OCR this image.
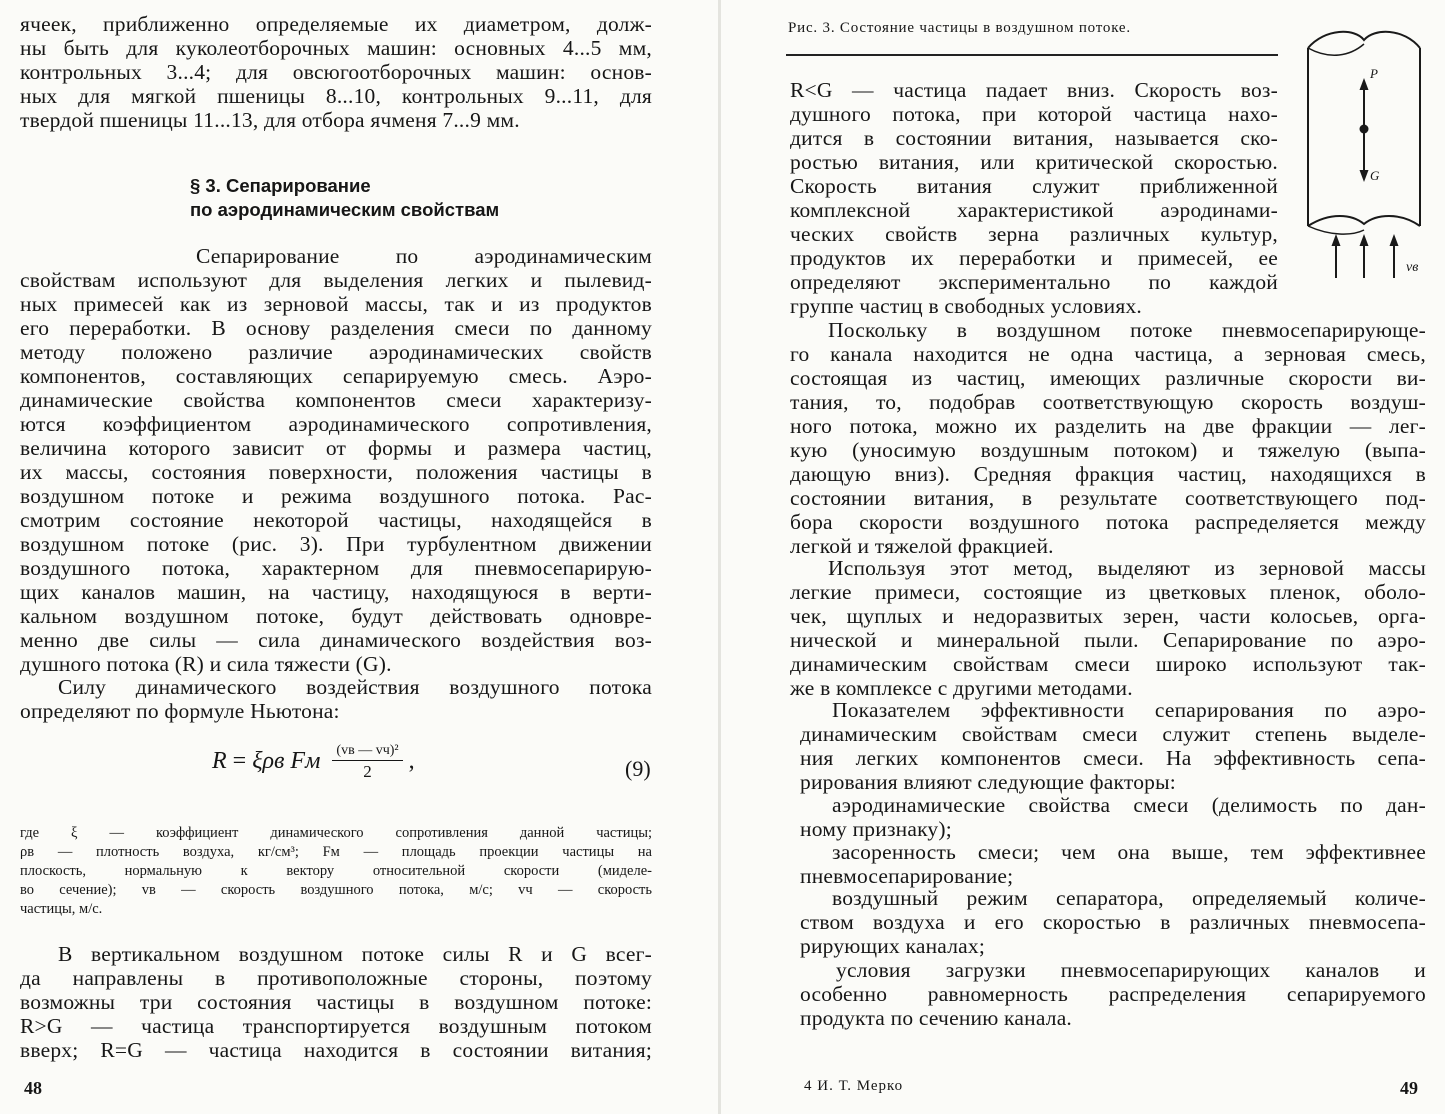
ячеек, приближенно определяемые их диаметром, долж-

ны быть для куколеотборочных машин: основных 4...5 мм,

контрольных 3...4; для овсюгоотборочных машин: основ-

ных для мягкой пшеницы 8...10, контрольных 9...11, для

твердой пшеницы 11...13, для отбора ячменя 7...9 мм.

§ 3. Сепарирование

по аэродинамическим свойствам

Сепарирование по аэродинамическим

свойствам используют для выделения легких и пылевид-

ных примесей как из зерновой массы, так и из продуктов

его переработки. В основу разделения смеси по данному

методу положено различие аэродинамических свойств

компонентов, составляющих сепарируемую смесь. Аэро-

динамические свойства компонентов смеси характеризу-

ются коэффициентом аэродинамического сопротивления,

величина которого зависит от формы и размера частиц,

их массы, состояния поверхности, положения частицы в

воздушном потоке и режима воздушного потока. Рас-

смотрим состояние некоторой частицы, находящейся в

воздушном потоке (рис. 3). При турбулентном движении

воздушного потока, характерном для пневмосепарирую-

щих каналов машин, на частицу, находящуюся в верти-

кальном воздушном потоке, будут действовать одновре-

менно две силы — сила динамического воздействия воз-

душного потока (R) и сила тяжести (G).

Силу динамического воздействия воздушного потока

определяют по формуле Ньютона:

R = ξρв Fм $\frac{\text{(vв — vч)²}}{2}$ ,	(9)

где ξ — коэффициент динамического сопротивления данной частицы;

ρв — плотность воздуха, кг/см³; Fм — площадь проекции частицы на

плоскость, нормальную к вектору относительной скорости (миделе-

во сечение); vв — скорость воздушного потока, м/с; vч — скорость

частицы, м/с.

В вертикальном воздушном потоке силы R и G всег-

да направлены в противоположные стороны, поэтому

возможны три состояния частицы в воздушном потоке:

R>G — частица транспортируется воздушным потоком

вверх; R=G — частица находится в состоянии витания;

48
Рис. 3. Состояние частицы в воздушном потоке.
P
G
vв

R<G — частица падает вниз. Скорость воз-

душного потока, при которой частица нахо-

дится в состоянии витания, называется ско-

ростью витания, или критической скоростью.

Скорость витания служит приближенной

комплексной характеристикой аэродинами-

ческих свойств зерна различных культур,

продуктов их переработки и примесей, ее

определяют экспериментально по каждой

группе частиц в свободных условиях.

Поскольку в воздушном потоке пневмосепарирующе-

го канала находится не одна частица, а зерновая смесь,

состоящая из частиц, имеющих различные скорости ви-

тания, то, подобрав соответствующую скорость воздуш-

ного потока, можно их разделить на две фракции — лег-

кую (уносимую воздушным потоком) и тяжелую (выпа-

дающую вниз). Средняя фракция частиц, находящихся в

состоянии витания, в результате соответствующего под-

бора скорости воздушного потока распределяется между

легкой и тяжелой фракцией.

Используя этот метод, выделяют из зерновой массы

легкие примеси, состоящие из цветковых пленок, оболо-

чек, щуплых и недоразвитых зерен, части колосьев, орга-

нической и минеральной пыли. Сепарирование по аэро-

динамическим свойствам смеси широко используют так-

же в комплексе с другими методами.

Показателем эффективности сепарирования по аэро-

динамическим свойствам смеси служит степень выделе-

ния легких компонентов смеси. На эффективность сепа-

рирования влияют следующие факторы:

аэродинамические свойства смеси (делимость по дан-

ному признаку);

засоренность смеси; чем она выше, тем эффективнее

пневмосепарирование;

воздушный режим сепаратора, определяемый количе-

ством воздуха и его скоростью в различных пневмосепа-

рирующих каналах;

условия загрузки пневмосепарирующих каналов и

особенно равномерность распределения сепарируемого

продукта по сечению канала.

4 И. Т. Мерко	49
